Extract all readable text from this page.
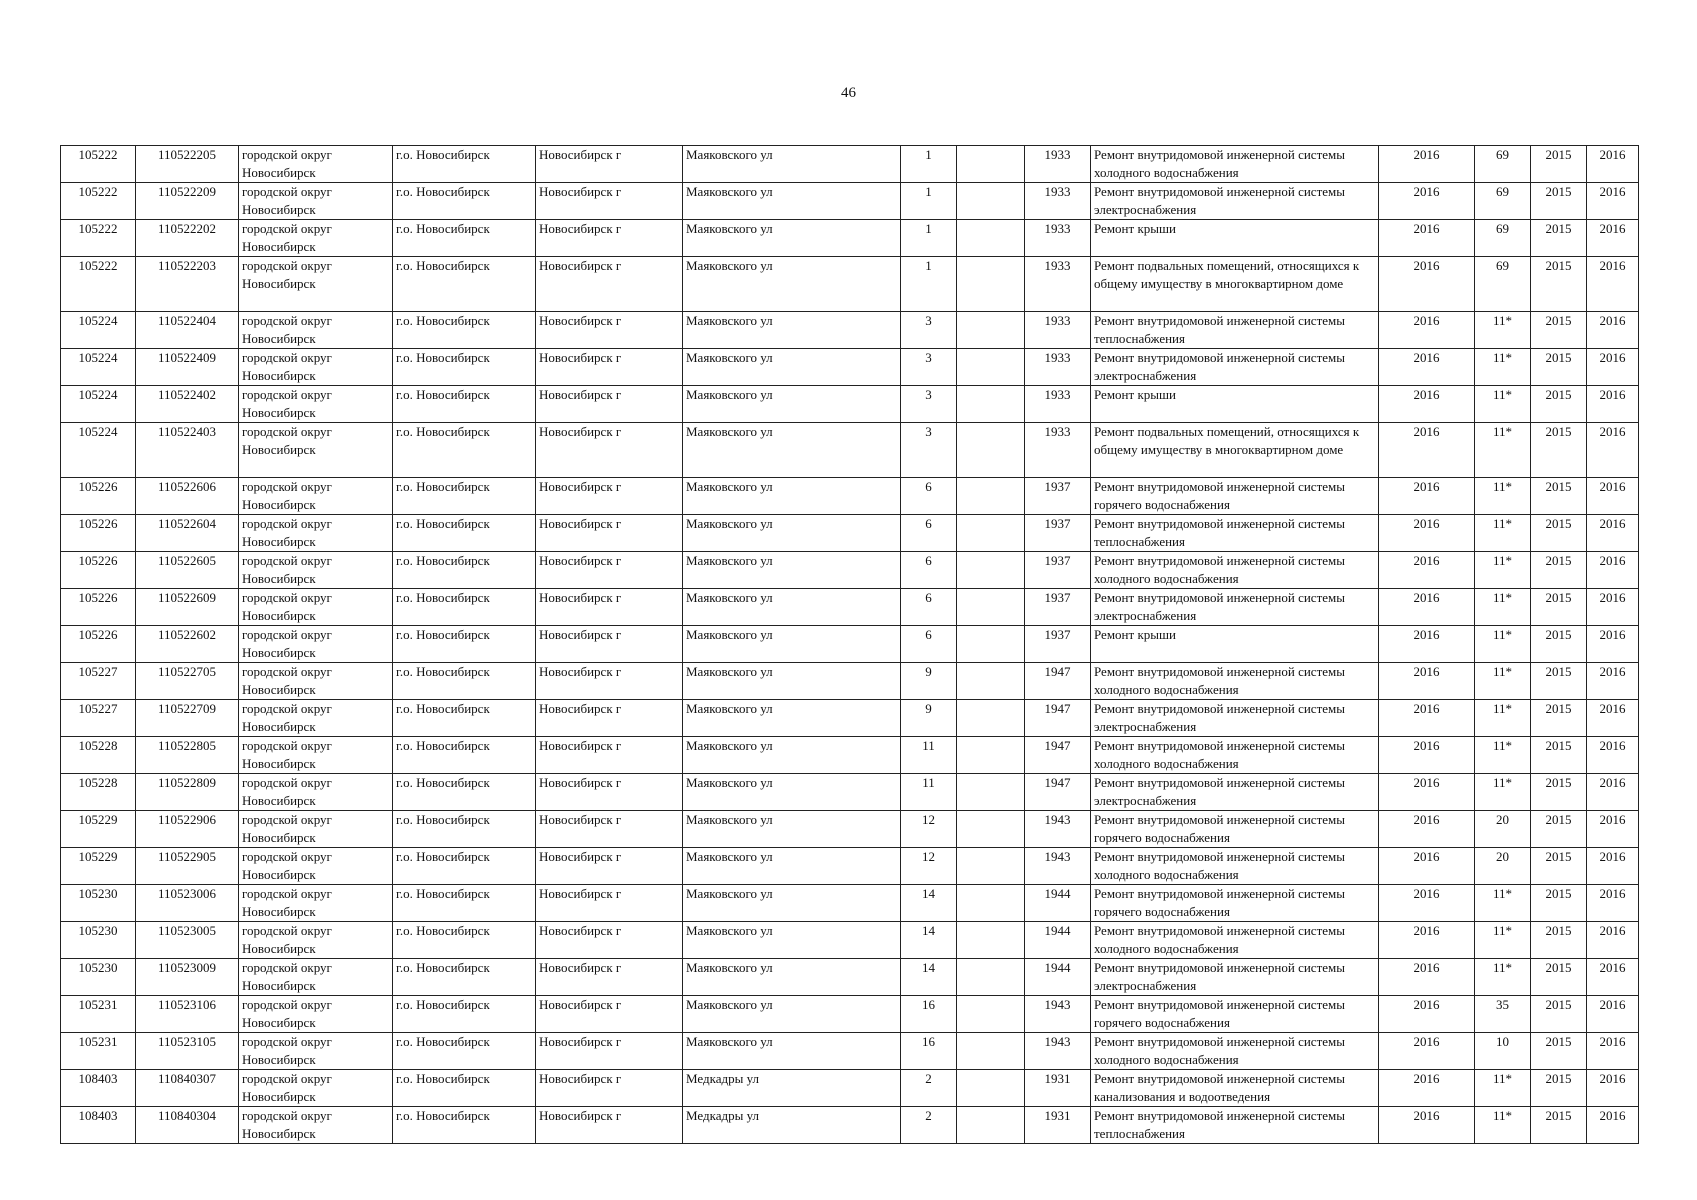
46
105222	110522205	городской округ Новосибирск	г.о. Новосибирск	Новосибирск г	Маяковского ул	1		1933	Ремонт внутридомовой инженерной системы холодного водоснабжения	2016	69	2015	2016
105222	110522209	городской округ Новосибирск	г.о. Новосибирск	Новосибирск г	Маяковского ул	1		1933	Ремонт внутридомовой инженерной системы электроснабжения	2016	69	2015	2016
105222	110522202	городской округ Новосибирск	г.о. Новосибирск	Новосибирск г	Маяковского ул	1		1933	Ремонт крыши	2016	69	2015	2016
105222	110522203	городской округ Новосибирск	г.о. Новосибирск	Новосибирск г	Маяковского ул	1		1933	Ремонт подвальных помещений, относящихся к общему имуществу в многоквартирном доме	2016	69	2015	2016
105224	110522404	городской округ Новосибирск	г.о. Новосибирск	Новосибирск г	Маяковского ул	3		1933	Ремонт внутридомовой инженерной системы теплоснабжения	2016	11*	2015	2016
105224	110522409	городской округ Новосибирск	г.о. Новосибирск	Новосибирск г	Маяковского ул	3		1933	Ремонт внутридомовой инженерной системы электроснабжения	2016	11*	2015	2016
105224	110522402	городской округ Новосибирск	г.о. Новосибирск	Новосибирск г	Маяковского ул	3		1933	Ремонт крыши	2016	11*	2015	2016
105224	110522403	городской округ Новосибирск	г.о. Новосибирск	Новосибирск г	Маяковского ул	3		1933	Ремонт подвальных помещений, относящихся к общему имуществу в многоквартирном доме	2016	11*	2015	2016
105226	110522606	городской округ Новосибирск	г.о. Новосибирск	Новосибирск г	Маяковского ул	6		1937	Ремонт внутридомовой инженерной системы горячего водоснабжения	2016	11*	2015	2016
105226	110522604	городской округ Новосибирск	г.о. Новосибирск	Новосибирск г	Маяковского ул	6		1937	Ремонт внутридомовой инженерной системы теплоснабжения	2016	11*	2015	2016
105226	110522605	городской округ Новосибирск	г.о. Новосибирск	Новосибирск г	Маяковского ул	6		1937	Ремонт внутридомовой инженерной системы холодного водоснабжения	2016	11*	2015	2016
105226	110522609	городской округ Новосибирск	г.о. Новосибирск	Новосибирск г	Маяковского ул	6		1937	Ремонт внутридомовой инженерной системы электроснабжения	2016	11*	2015	2016
105226	110522602	городской округ Новосибирск	г.о. Новосибирск	Новосибирск г	Маяковского ул	6		1937	Ремонт крыши	2016	11*	2015	2016
105227	110522705	городской округ Новосибирск	г.о. Новосибирск	Новосибирск г	Маяковского ул	9		1947	Ремонт внутридомовой инженерной системы холодного водоснабжения	2016	11*	2015	2016
105227	110522709	городской округ Новосибирск	г.о. Новосибирск	Новосибирск г	Маяковского ул	9		1947	Ремонт внутридомовой инженерной системы электроснабжения	2016	11*	2015	2016
105228	110522805	городской округ Новосибирск	г.о. Новосибирск	Новосибирск г	Маяковского ул	11		1947	Ремонт внутридомовой инженерной системы холодного водоснабжения	2016	11*	2015	2016
105228	110522809	городской округ Новосибирск	г.о. Новосибирск	Новосибирск г	Маяковского ул	11		1947	Ремонт внутридомовой инженерной системы электроснабжения	2016	11*	2015	2016
105229	110522906	городской округ Новосибирск	г.о. Новосибирск	Новосибирск г	Маяковского ул	12		1943	Ремонт внутридомовой инженерной системы горячего водоснабжения	2016	20	2015	2016
105229	110522905	городской округ Новосибирск	г.о. Новосибирск	Новосибирск г	Маяковского ул	12		1943	Ремонт внутридомовой инженерной системы холодного водоснабжения	2016	20	2015	2016
105230	110523006	городской округ Новосибирск	г.о. Новосибирск	Новосибирск г	Маяковского ул	14		1944	Ремонт внутридомовой инженерной системы горячего водоснабжения	2016	11*	2015	2016
105230	110523005	городской округ Новосибирск	г.о. Новосибирск	Новосибирск г	Маяковского ул	14		1944	Ремонт внутридомовой инженерной системы холодного водоснабжения	2016	11*	2015	2016
105230	110523009	городской округ Новосибирск	г.о. Новосибирск	Новосибирск г	Маяковского ул	14		1944	Ремонт внутридомовой инженерной системы электроснабжения	2016	11*	2015	2016
105231	110523106	городской округ Новосибирск	г.о. Новосибирск	Новосибирск г	Маяковского ул	16		1943	Ремонт внутридомовой инженерной системы горячего водоснабжения	2016	35	2015	2016
105231	110523105	городской округ Новосибирск	г.о. Новосибирск	Новосибирск г	Маяковского ул	16		1943	Ремонт внутридомовой инженерной системы холодного водоснабжения	2016	10	2015	2016
108403	110840307	городской округ Новосибирск	г.о. Новосибирск	Новосибирск г	Медкадры ул	2		1931	Ремонт внутридомовой инженерной системы канализования и водоотведения	2016	11*	2015	2016
108403	110840304	городской округ Новосибирск	г.о. Новосибирск	Новосибирск г	Медкадры ул	2		1931	Ремонт внутридомовой инженерной системы теплоснабжения	2016	11*	2015	2016
